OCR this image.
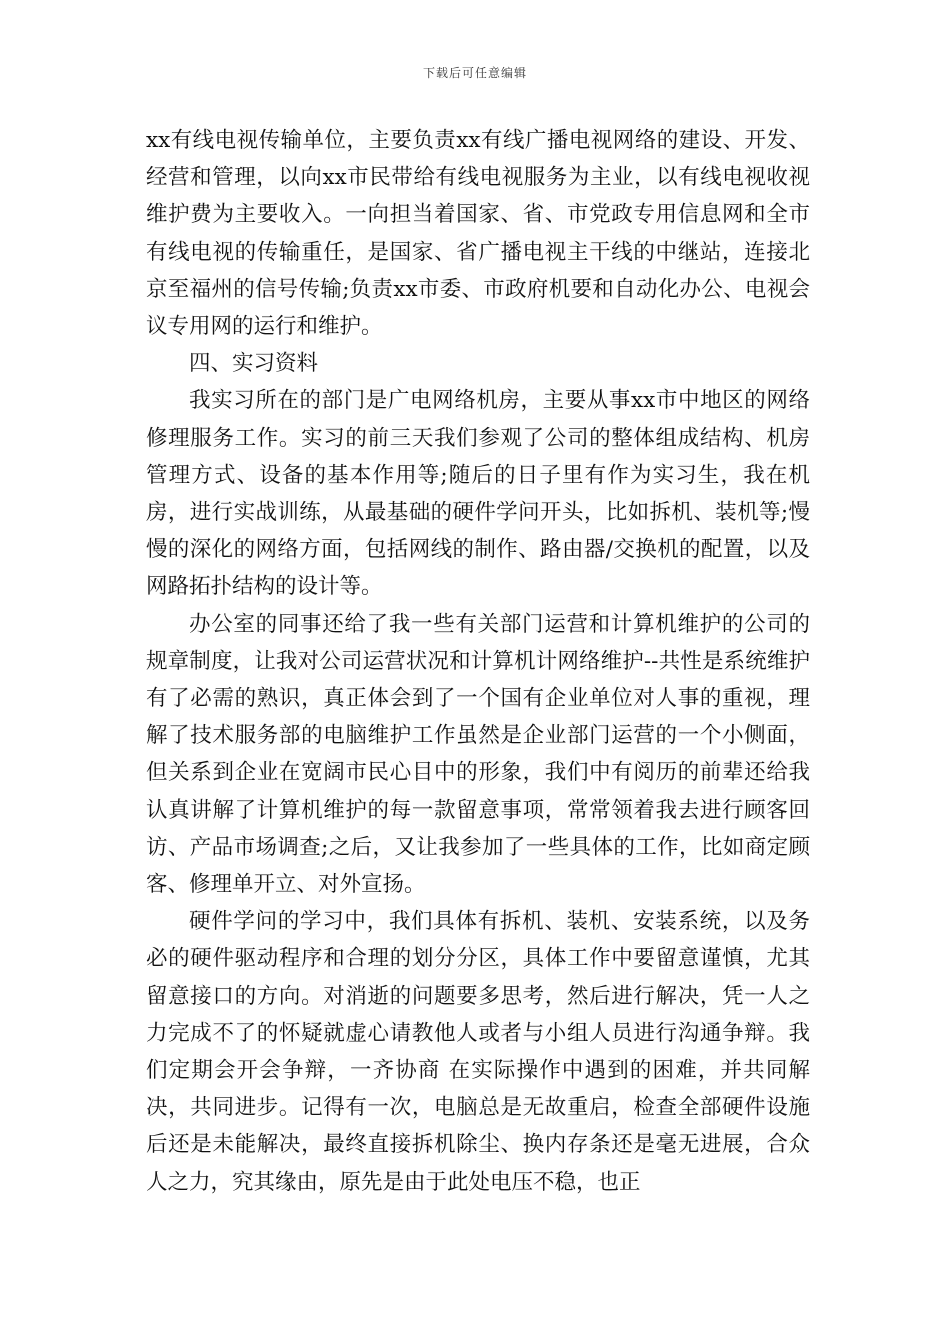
下载后可任意编辑

xx有线电视传输单位，主要负责xx有线广播电视网络的建设、开发、经营和管理，以向xx市民带给有线电视服务为主业，以有线电视收视维护费为主要收入。一向担当着国家、省、市党政专用信息网和全市有线电视的传输重任，是国家、省广播电视主干线的中继站，连接北京至福州的信号传输;负责xx市委、市政府机要和自动化办公、电视会议专用网的运行和维护。

四、实习资料

我实习所在的部门是广电网络机房，主要从事xx市中地区的网络修理服务工作。实习的前三天我们参观了公司的整体组成结构、机房管理方式、设备的基本作用等;随后的日子里有作为实习生，我在机房，进行实战训练，从最基础的硬件学问开头，比如拆机、装机等;慢慢的深化的网络方面，包括网线的制作、路由器/交换机的配置，以及网路拓扑结构的设计等。

办公室的同事还给了我一些有关部门运营和计算机维护的公司的规章制度，让我对公司运营状况和计算机计网络维护--共性是系统维护有了必需的熟识，真正体会到了一个国有企业单位对人事的重视，理解了技术服务部的电脑维护工作虽然是企业部门运营的一个小侧面，但关系到企业在宽阔市民心目中的形象，我们中有阅历的前辈还给我认真讲解了计算机维护的每一款留意事项，常常领着我去进行顾客回访、产品市场调查;之后，又让我参加了一些具体的工作，比如商定顾客、修理单开立、对外宣扬。

硬件学问的学习中，我们具体有拆机、装机、安装系统，以及务必的硬件驱动程序和合理的划分分区，具体工作中要留意谨慎，尤其留意接口的方向。对消逝的问题要多思考，然后进行解决，凭一人之力完成不了的怀疑就虚心请教他人或者与小组人员进行沟通争辩。我们定期会开会争辩，一齐协商 在实际操作中遇到的困难，并共同解决，共同进步。记得有一次，电脑总是无故重启，检查全部硬件设施后还是未能解决，最终直接拆机除尘、换内存条还是毫无进展，合众人之力，究其缘由，原先是由于此处电压不稳，也正
